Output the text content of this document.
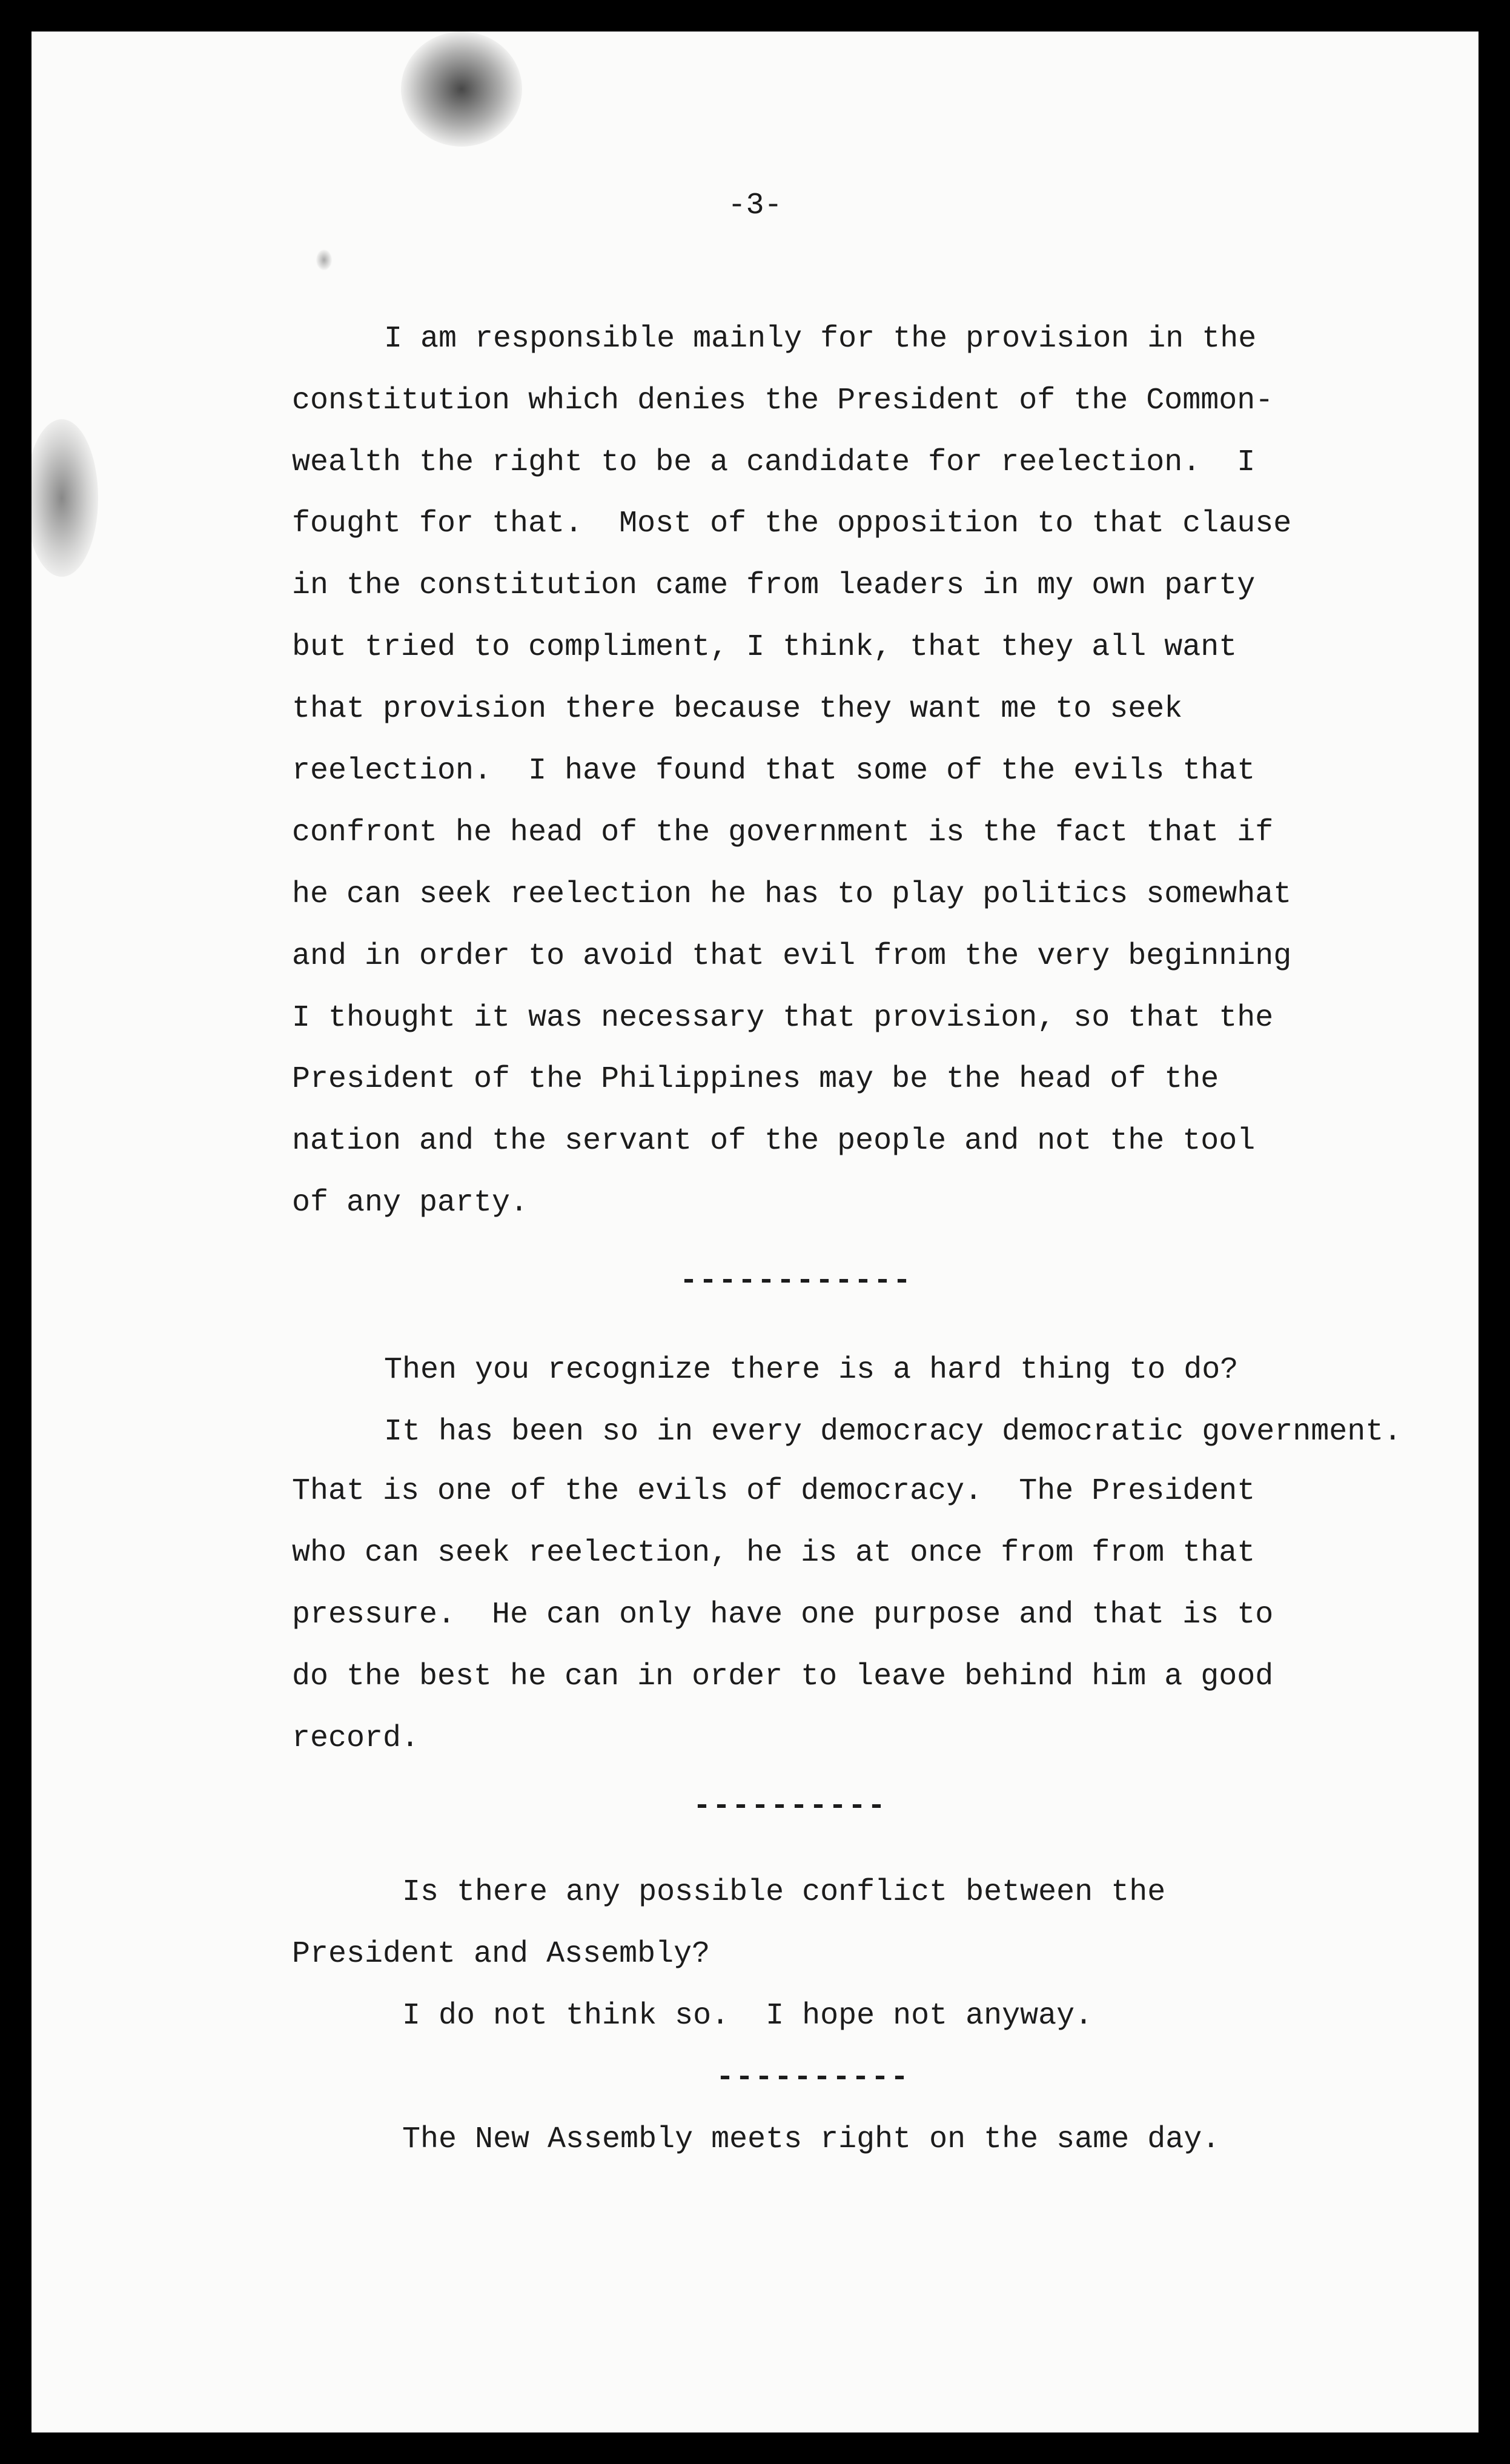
-3-
I am responsible mainly for the provision in the
constitution which denies the President of the Common-
wealth the right to be a candidate for reelection.  I
fought for that.  Most of the opposition to that clause
in the constitution came from leaders in my own party
but tried to compliment, I think, that they all want
that provision there because they want me to seek
reelection.  I have found that some of the evils that
confront he head of the government is the fact that if
he can seek reelection he has to play politics somewhat
and in order to avoid that evil from the very beginning
I thought it was necessary that provision, so that the
President of the Philippines may be the head of the
nation and the servant of the people and not the tool
of any party.
------------
Then you recognize there is a hard thing to do?
It has been so in every democracy democratic government.
That is one of the evils of democracy.  The President
who can seek reelection, he is at once from from that
pressure.  He can only have one purpose and that is to
do the best he can in order to leave behind him a good
record.
----------
Is there any possible conflict between the
President and Assembly?
I do not think so.  I hope not anyway.
----------
The New Assembly meets right on the same day.
